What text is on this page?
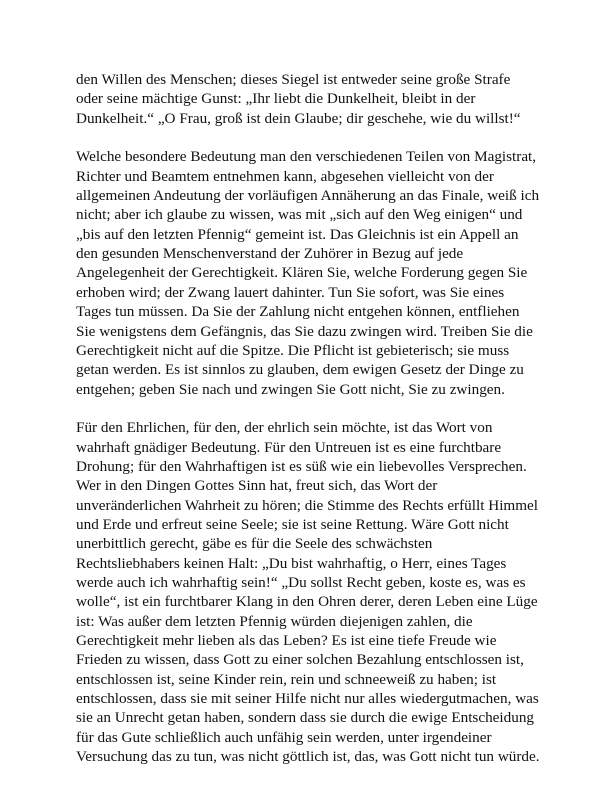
den Willen des Menschen; dieses Siegel ist entweder seine große Strafe
oder seine mächtige Gunst: „Ihr liebt die Dunkelheit, bleibt in der
Dunkelheit.“ „O Frau, groß ist dein Glaube; dir geschehe, wie du willst!“

Welche besondere Bedeutung man den verschiedenen Teilen von Magistrat,
Richter und Beamtem entnehmen kann, abgesehen vielleicht von der
allgemeinen Andeutung der vorläufigen Annäherung an das Finale, weiß ich
nicht; aber ich glaube zu wissen, was mit „sich auf den Weg einigen“ und
„bis auf den letzten Pfennig“ gemeint ist. Das Gleichnis ist ein Appell an
den gesunden Menschenverstand der Zuhörer in Bezug auf jede
Angelegenheit der Gerechtigkeit. Klären Sie, welche Forderung gegen Sie
erhoben wird; der Zwang lauert dahinter. Tun Sie sofort, was Sie eines
Tages tun müssen. Da Sie der Zahlung nicht entgehen können, entfliehen
Sie wenigstens dem Gefängnis, das Sie dazu zwingen wird. Treiben Sie die
Gerechtigkeit nicht auf die Spitze. Die Pflicht ist gebieterisch; sie muss
getan werden. Es ist sinnlos zu glauben, dem ewigen Gesetz der Dinge zu
entgehen; geben Sie nach und zwingen Sie Gott nicht, Sie zu zwingen.

Für den Ehrlichen, für den, der ehrlich sein möchte, ist das Wort von
wahrhaft gnädiger Bedeutung. Für den Untreuen ist es eine furchtbare
Drohung; für den Wahrhaftigen ist es süß wie ein liebevolles Versprechen.
Wer in den Dingen Gottes Sinn hat, freut sich, das Wort der
unveränderlichen Wahrheit zu hören; die Stimme des Rechts erfüllt Himmel
und Erde und erfreut seine Seele; sie ist seine Rettung. Wäre Gott nicht
unerbittlich gerecht, gäbe es für die Seele des schwächsten
Rechtsliebhabers keinen Halt: „Du bist wahrhaftig, o Herr, eines Tages
werde auch ich wahrhaftig sein!“ „Du sollst Recht geben, koste es, was es
wolle“, ist ein furchtbarer Klang in den Ohren derer, deren Leben eine Lüge
ist: Was außer dem letzten Pfennig würden diejenigen zahlen, die
Gerechtigkeit mehr lieben als das Leben? Es ist eine tiefe Freude wie
Frieden zu wissen, dass Gott zu einer solchen Bezahlung entschlossen ist,
entschlossen ist, seine Kinder rein, rein und schneeweiß zu haben; ist
entschlossen, dass sie mit seiner Hilfe nicht nur alles wiedergutmachen, was
sie an Unrecht getan haben, sondern dass sie durch die ewige Entscheidung
für das Gute schließlich auch unfähig sein werden, unter irgendeiner
Versuchung das zu tun, was nicht göttlich ist, das, was Gott nicht tun würde.
